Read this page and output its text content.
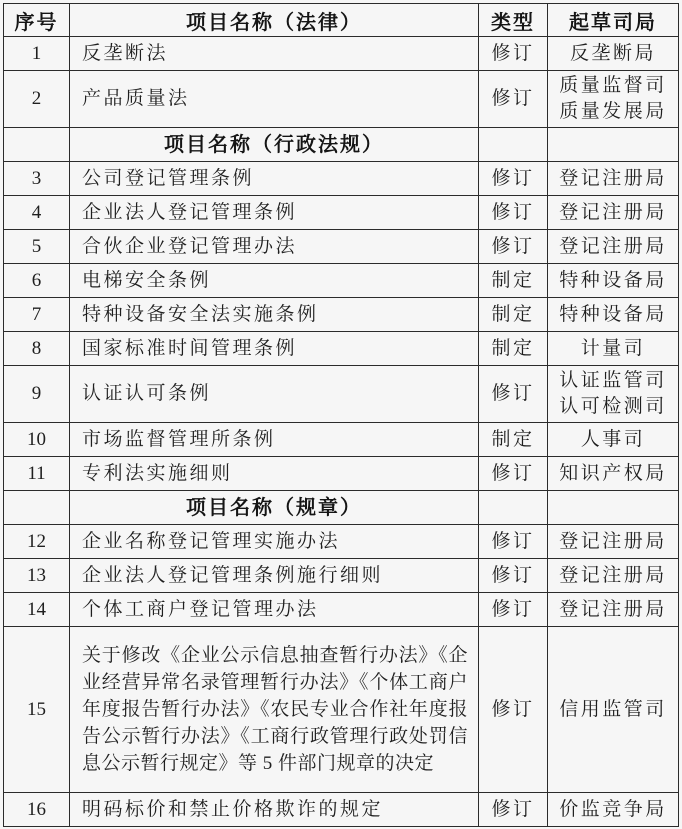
序号	项目名称（法律）	类型	起草司局
1	反垄断法	修订	反垄断局
2	产品质量法	修订	质量监督司
质量发展局
	项目名称（行政法规）		
3	公司登记管理条例	修订	登记注册局
4	企业法人登记管理条例	修订	登记注册局
5	合伙企业登记管理办法	修订	登记注册局
6	电梯安全条例	制定	特种设备局
7	特种设备安全法实施条例	制定	特种设备局
8	国家标准时间管理条例	制定	计量司
9	认证认可条例	修订	认证监管司
认可检测司
10	市场监督管理所条例	制定	人事司
11	专利法实施细则	修订	知识产权局
	项目名称（规章）		
12	企业名称登记管理实施办法	修订	登记注册局
13	企业法人登记管理条例施行细则	修订	登记注册局
14	个体工商户登记管理办法	修订	登记注册局
15	关于修改《企业公示信息抽查暂行办法》《企业经营异常名录管理暂行办法》《个体工商户年度报告暂行办法》《农民专业合作社年度报告公示暂行办法》《工商行政管理行政处罚信息公示暂行规定》等 5 件部门规章的决定	修订	信用监管司
16	明码标价和禁止价格欺诈的规定	修订	价监竞争局
